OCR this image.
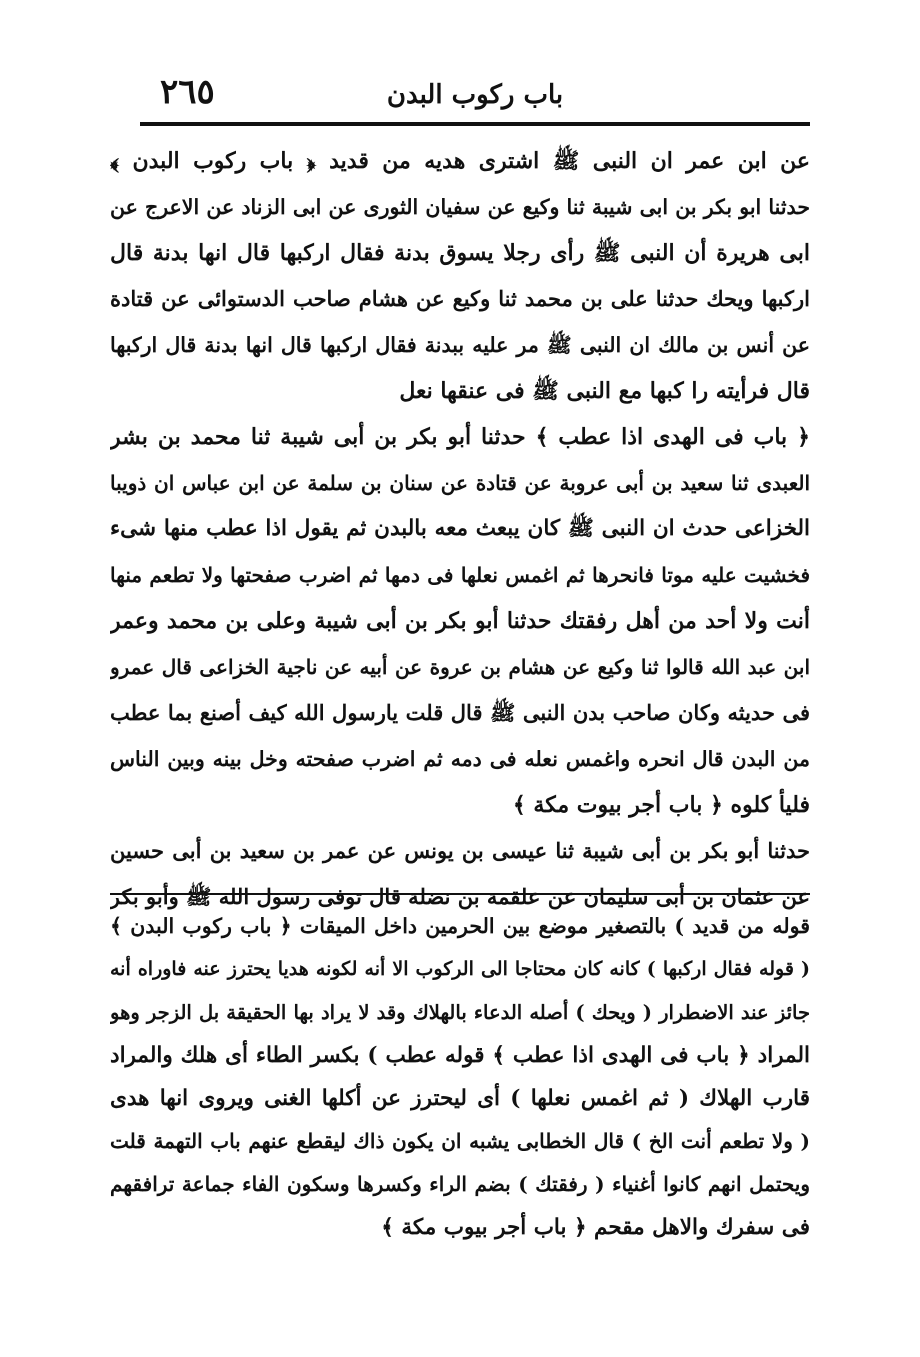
٢٦٥	باب ركوب البدن
عن ابن عمر ان النبی ﷺ اشتری هديه من قديد ﴿ باب ركوب البدن ﴾
حدثنا ابو بكر بن ابی شيبة ثنا وكيع عن سفيان الثوری عن ابی الزناد عن الاعرج عن
ابی هريرة أن النبی ﷺ رأی رجلا يسوق بدنة فقال اركبها قال انها بدنة قال
اركبها ويحك حدثنا علی بن محمد ثنا وكيع عن هشام صاحب الدستوائی عن قتادة
عن أنس بن مالك ان النبی ﷺ مر عليه ببدنة فقال اركبها قال انها بدنة قال اركبها
قال فرأيته را كبها مع النبی ﷺ فی عنقها نعل
﴿ باب فی الهدی اذا عطب ﴾ حدثنا أبو بكر بن أبی شيبة ثنا محمد بن بشر
العبدی ثنا سعيد بن أبی عروبة عن قتادة عن سنان بن سلمة عن ابن عباس ان ذويبا
الخزاعی حدث ان النبی ﷺ كان يبعث معه بالبدن ثم يقول اذا عطب منها شیء
فخشيت عليه موتا فانحرها ثم اغمس نعلها فی دمها ثم اضرب صفحتها ولا تطعم منها
أنت ولا أحد من أهل رفقتك حدثنا أبو بكر بن أبی شيبة وعلی بن محمد وعمر
ابن عبد الله قالوا ثنا وكيع عن هشام بن عروة عن أبيه عن ناجية الخزاعی قال عمرو
فی حديثه وكان صاحب بدن النبی ﷺ قال قلت يارسول الله كيف أصنع بما عطب
من البدن قال انحره واغمس نعله فی دمه ثم اضرب صفحته وخل بينه وبين الناس
فليأ كلوه ﴿ باب أجر بيوت مكة ﴾
حدثنا أبو بكر بن أبی شيبة ثنا عيسی بن يونس عن عمر بن سعيد بن أبی حسين
عن عثمان بن أبی سليمان عن علقمة بن نضلة قال توفی رسول الله ﷺ وأبو بكر
قوله من قديد ) بالتصغير موضع بين الحرمين داخل الميقات ﴿ باب ركوب البدن ﴾
( قوله فقال اركبها ) كانه كان محتاجا الی الركوب الا أنه لكونه هديا يحترز عنه فاوراه أنه
جائز عند الاضطرار ( ويحك ) أصله الدعاء بالهلاك وقد لا يراد بها الحقيقة بل الزجر وهو
المراد ﴿ باب فی الهدی اذا عطب ﴾ قوله عطب ) بكسر الطاء أی هلك والمراد
قارب الهلاك ( ثم اغمس نعلها ) أی ليحترز عن أكلها الغنی ويروی انها هدی
( ولا تطعم أنت الخ ) قال الخطابی يشبه ان يكون ذاك ليقطع عنهم باب التهمة قلت
ويحتمل انهم كانوا أغنياء ( رفقتك ) بضم الراء وكسرها وسكون الفاء جماعة ترافقهم
فی سفرك والاهل مقحم ﴿ باب أجر بيوب مكة ﴾
